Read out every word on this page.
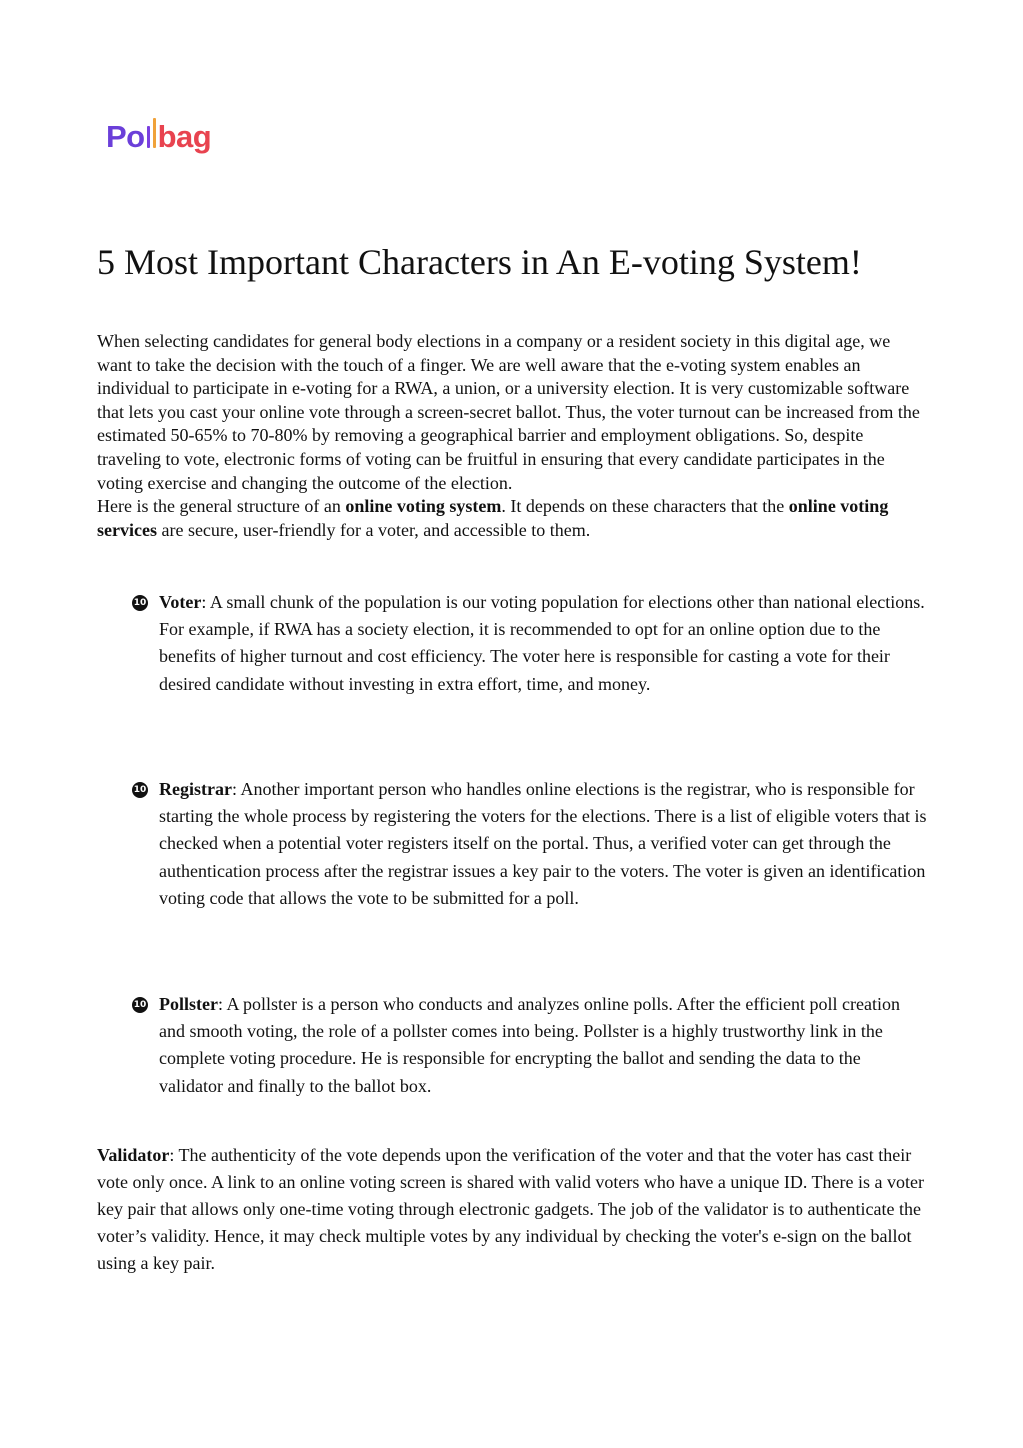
Po bag
5 Most Important Characters in An E-voting System!

When selecting candidates for general body elections in a company or a resident society in this digital age, we want to take the decision with the touch of a finger. We are well aware that the e-voting system enables an individual to participate in e-voting for a RWA, a union, or a university election. It is very customizable software that lets you cast your online vote through a screen-secret ballot. Thus, the voter turnout can be increased from the estimated 50-65% to 70-80% by removing a geographical barrier and employment obligations. So, despite traveling to vote, electronic forms of voting can be fruitful in ensuring that every candidate participates in the voting exercise and changing the outcome of the election.

Here is the general structure of an online voting system. It depends on these characters that the online voting services are secure, user-friendly for a voter, and accessible to them.

10 Voter: A small chunk of the population is our voting population for elections other than national elections. For example, if RWA has a society election, it is recommended to opt for an online option due to the benefits of higher turnout and cost efficiency. The voter here is responsible for casting a vote for their desired candidate without investing in extra effort, time, and money.
10 Registrar: Another important person who handles online elections is the registrar, who is responsible for starting the whole process by registering the voters for the elections. There is a list of eligible voters that is checked when a potential voter registers itself on the portal. Thus, a verified voter can get through the authentication process after the registrar issues a key pair to the voters. The voter is given an identification voting code that allows the vote to be submitted for a poll.
10 Pollster: A pollster is a person who conducts and analyzes online polls. After the efficient poll creation and smooth voting, the role of a pollster comes into being. Pollster is a highly trustworthy link in the complete voting procedure. He is responsible for encrypting the ballot and sending the data to the validator and finally to the ballot box.

Validator: The authenticity of the vote depends upon the verification of the voter and that the voter has cast their vote only once. A link to an online voting screen is shared with valid voters who have a unique ID. There is a voter key pair that allows only one-time voting through electronic gadgets. The job of the validator is to authenticate the voter’s validity. Hence, it may check multiple votes by any individual by checking the voter's e-sign on the ballot using a key pair.
